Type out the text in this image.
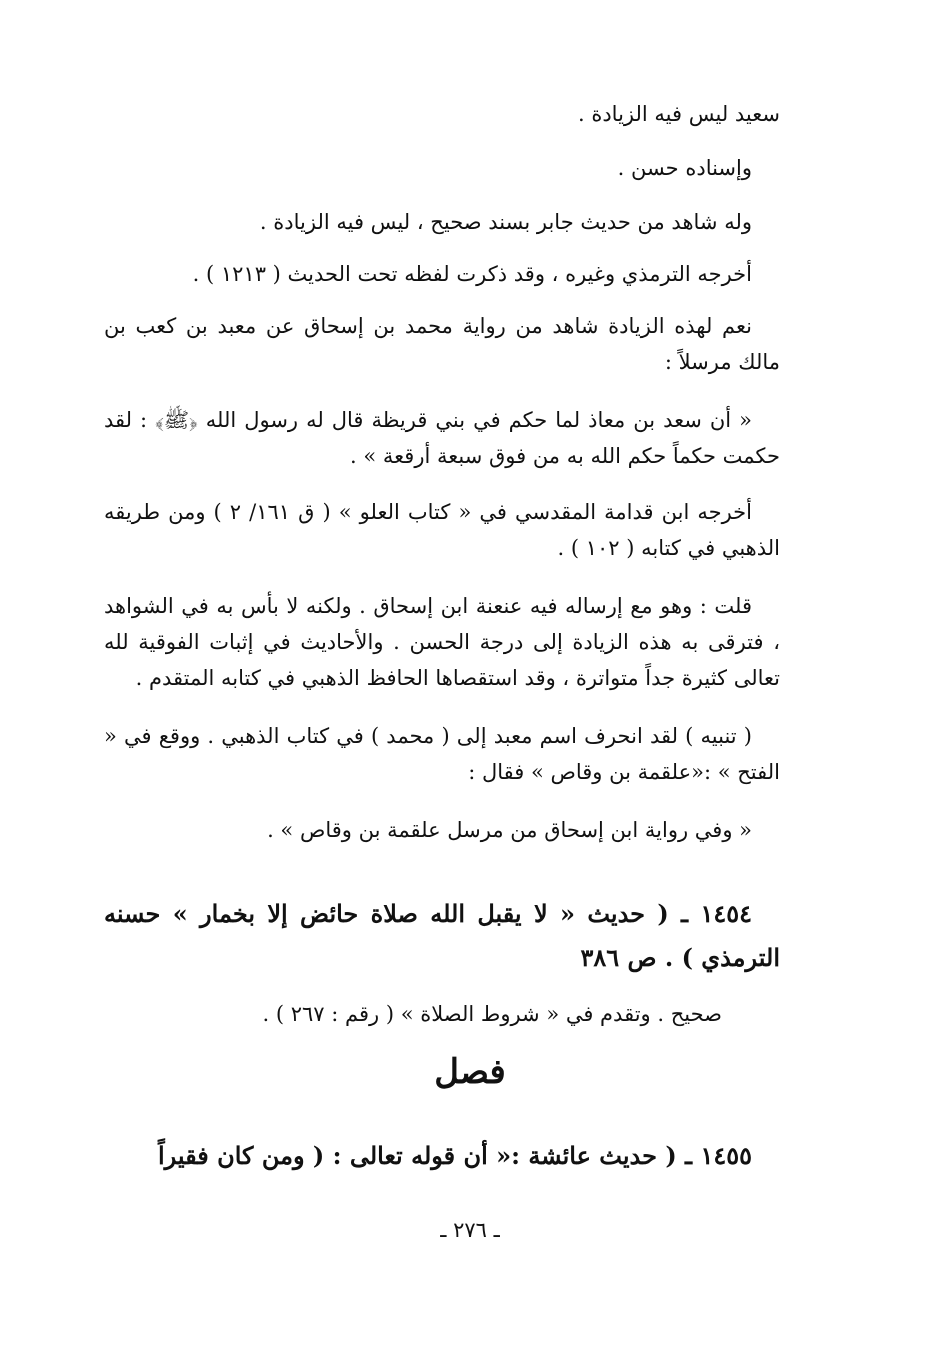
سعيد ليس فيه الزيادة .

وإسناده حسن .

وله شاهد من حديث جابر بسند صحيح ، ليس فيه الزيادة .

أخرجه الترمذي وغيره ، وقد ذكرت لفظه تحت الحديث ( ١٢١٣ ) .

نعم لهذه الزيادة شاهد من رواية محمد بن إسحاق عن معبد بن كعب بن مالك مرسلاً :

« أن سعد بن معاذ لما حكم في بني قريظة قال له رسول الله ﴿ﷺ﴾ : لقد حكمت حكماً حكم الله به من فوق سبعة أرقعة » .

أخرجه ابن قدامة المقدسي في « كتاب العلو » ( ق ١٦١/ ٢ ) ومن طريقه الذهبي في كتابه ( ١٠٢ ) .

قلت : وهو مع إرساله فيه عنعنة ابن إسحاق . ولكنه لا بأس به في الشواهد ، فترقى به هذه الزيادة إلى درجة الحسن . والأحاديث في إثبات الفوقية لله تعالى كثيرة جداً متواترة ، وقد استقصاها الحافظ الذهبي في كتابه المتقدم .

( تنبيه ) لقد انحرف اسم معبد إلى ( محمد ) في كتاب الذهبي . ووقع في « الفتح » :«علقمة بن وقاص » فقال :

« وفي رواية ابن إسحاق من مرسل علقمة بن وقاص » .

١٤٥٤ ـ ( حديث « لا يقبل الله صلاة حائض إلا بخمار » حسنه الترمذي ) . ص ٣٨٦

صحيح . وتقدم في « شروط الصلاة » ( رقم : ٢٦٧ ) .

فصل

١٤٥٥ ـ ( حديث عائشة :« أن قوله تعالى : ( ومن كان فقيراً

ـ ٢٧٦ ـ
